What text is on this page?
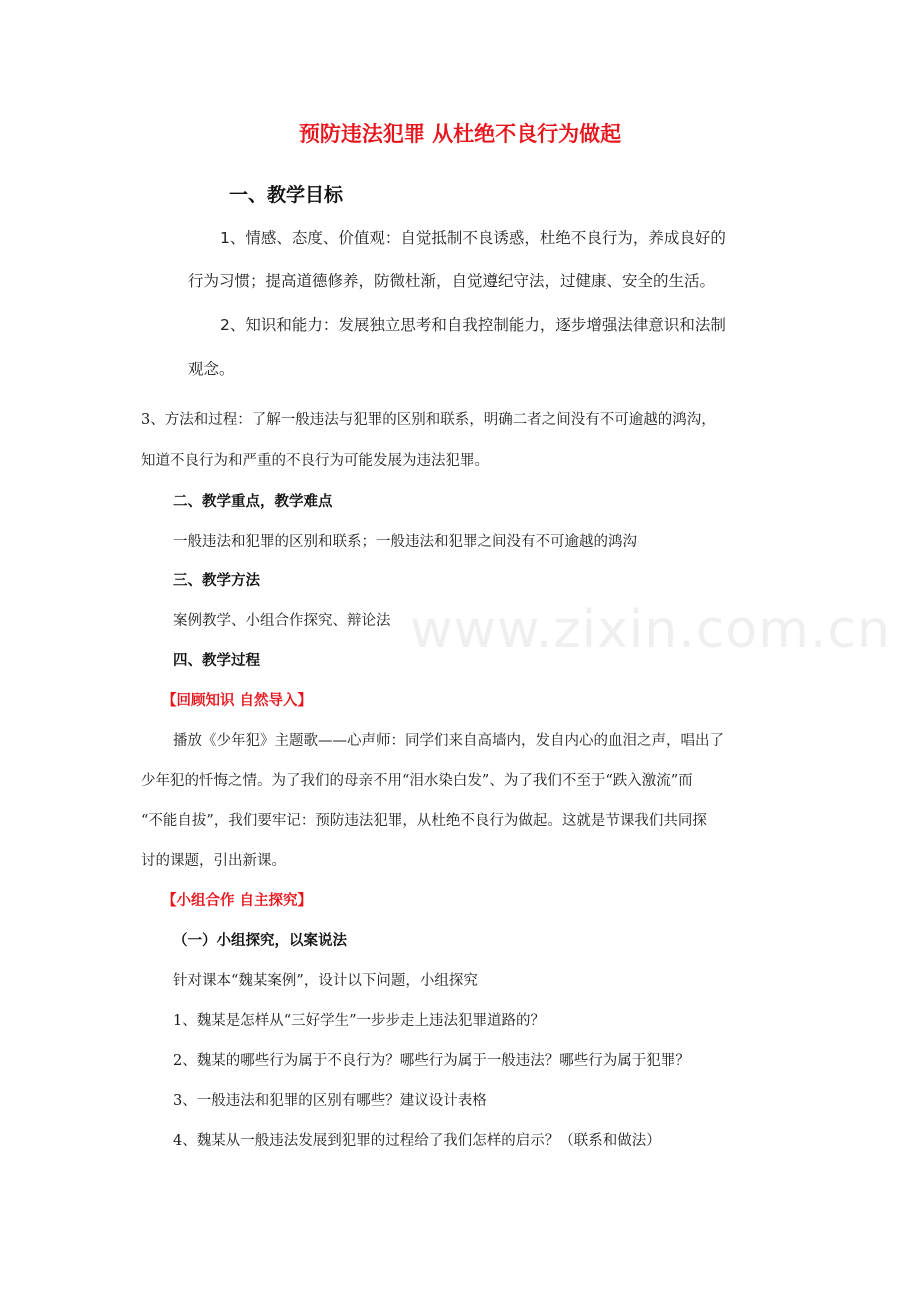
预防违法犯罪 从杜绝不良行为做起
一、教学目标
1、情感、态度、价值观：自觉抵制不良诱惑，杜绝不良行为，养成良好的
行为习惯；提高道德修养，防微杜渐，自觉遵纪守法，过健康、安全的生活。
2、知识和能力：发展独立思考和自我控制能力，逐步增强法律意识和法制
观念。
3、方法和过程：了解一般违法与犯罪的区别和联系，明确二者之间没有不可逾越的鸿沟，
知道不良行为和严重的不良行为可能发展为违法犯罪。
二、教学重点，教学难点
一般违法和犯罪的区别和联系；一般违法和犯罪之间没有不可逾越的鸿沟
三、教学方法
案例教学、小组合作探究、辩论法
四、教学过程
【回顾知识 自然导入】
播放《少年犯》主题歌——心声师：同学们来自高墙内，发自内心的血泪之声，唱出了
少年犯的忏悔之情。为了我们的母亲不用“泪水染白发”、为了我们不至于“跌入激流”而
“不能自拔”，我们要牢记：预防违法犯罪，从杜绝不良行为做起。这就是节课我们共同探
讨的课题，引出新课。
【小组合作 自主探究】
（一）小组探究，以案说法
针对课本“魏某案例”，设计以下问题，小组探究
1、魏某是怎样从“三好学生”一步步走上违法犯罪道路的？
2、魏某的哪些行为属于不良行为？哪些行为属于一般违法？哪些行为属于犯罪？
3、一般违法和犯罪的区别有哪些？建议设计表格
4、魏某从一般违法发展到犯罪的过程给了我们怎样的启示？（联系和做法）
www.zixin.com.cn
